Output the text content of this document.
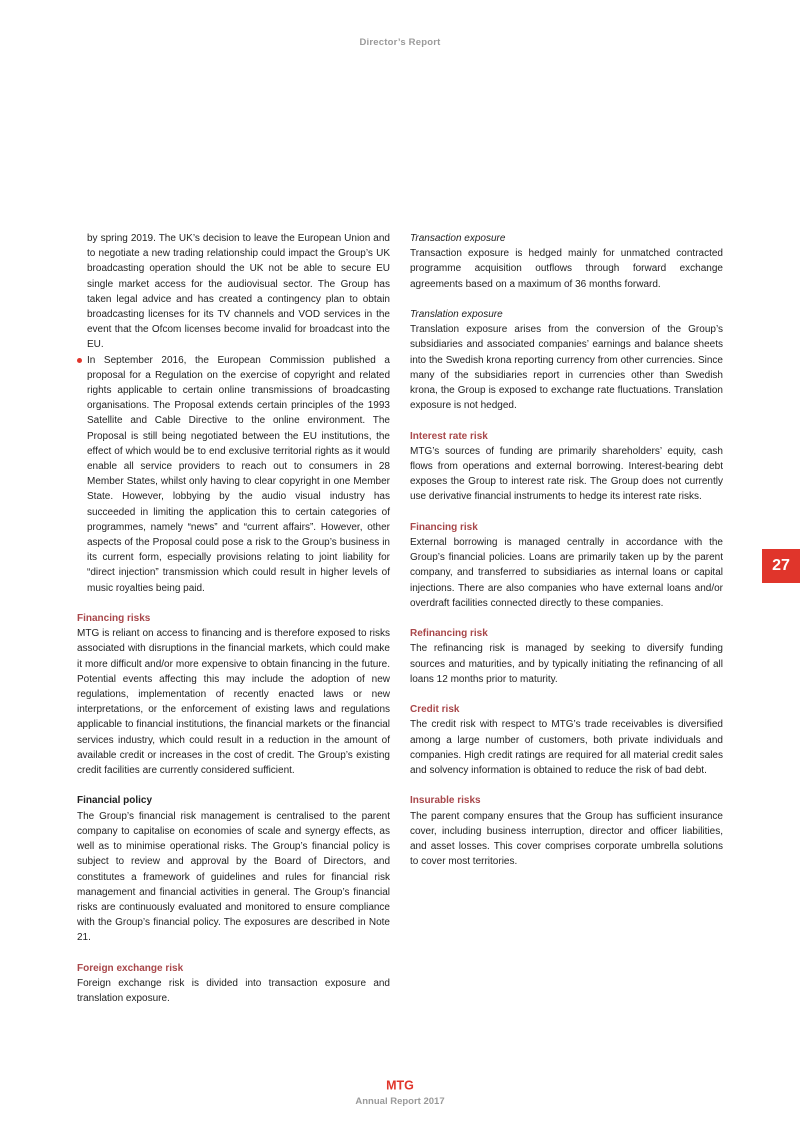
Director’s Report

by spring 2019. The UK’s decision to leave the European Union and to negotiate a new trading relationship could impact the Group’s UK broadcasting operation should the UK not be able to secure EU single market access for the audiovisual sector. The Group has taken legal advice and has created a contingency plan to obtain broadcasting licenses for its TV channels and VOD services in the event that the Ofcom licenses become invalid for broadcast into the EU.

In September 2016, the European Commission published a proposal for a Regulation on the exercise of copyright and related rights applicable to certain online transmissions of broadcasting organisations. The Proposal extends certain principles of the 1993 Satellite and Cable Directive to the online environment. The Proposal is still being negotiated between the EU institutions, the effect of which would be to end exclusive territorial rights as it would enable all service providers to reach out to consumers in 28 Member States, whilst only having to clear copyright in one Member State. However, lobbying by the audio visual industry has succeeded in limiting the application this to certain categories of programmes, namely “news” and “current affairs”. However, other aspects of the Proposal could pose a risk to the Group’s business in its current form, especially provisions relating to joint liability for “direct injection” transmission which could result in higher levels of music royalties being paid.

Financing risks

MTG is reliant on access to financing and is therefore exposed to risks associated with disruptions in the financial markets, which could make it more difficult and/or more expensive to obtain financing in the future. Potential events affecting this may include the adoption of new regulations, implementation of recently enacted laws or new interpretations, or the enforcement of existing laws and regulations applicable to financial institutions, the financial markets or the financial services industry, which could result in a reduction in the amount of available credit or increases in the cost of credit. The Group’s existing credit facilities are currently considered sufficient.

Financial policy

The Group’s financial risk management is centralised to the parent company to capitalise on economies of scale and synergy effects, as well as to minimise operational risks. The Group’s financial policy is subject to review and approval by the Board of Directors, and constitutes a framework of guidelines and rules for financial risk management and financial activities in general. The Group’s financial risks are continuously evaluated and monitored to ensure compliance with the Group’s financial policy. The exposures are described in Note 21.

Foreign exchange risk

Foreign exchange risk is divided into transaction exposure and translation exposure.

Transaction exposure

Transaction exposure is hedged mainly for unmatched contracted programme acquisition outflows through forward exchange agreements based on a maximum of 36 months forward.

Translation exposure

Translation exposure arises from the conversion of the Group’s subsidiaries and associated companies’ earnings and balance sheets into the Swedish krona reporting currency from other currencies. Since many of the subsidiaries report in currencies other than Swedish krona, the Group is exposed to exchange rate fluctuations. Translation exposure is not hedged.

Interest rate risk

MTG’s sources of funding are primarily shareholders’ equity, cash flows from operations and external borrowing. Interest-bearing debt exposes the Group to interest rate risk. The Group does not currently use derivative financial instruments to hedge its interest rate risks.

Financing risk

External borrowing is managed centrally in accordance with the Group’s financial policies. Loans are primarily taken up by the parent company, and transferred to subsidiaries as internal loans or capital injections. There are also companies who have external loans and/or overdraft facilities connected directly to these companies.

Refinancing risk

The refinancing risk is managed by seeking to diversify funding sources and maturities, and by typically initiating the refinancing of all loans 12 months prior to maturity.

Credit risk

The credit risk with respect to MTG’s trade receivables is diversified among a large number of customers, both private individuals and companies. High credit ratings are required for all material credit sales and solvency information is obtained to reduce the risk of bad debt.

Insurable risks

The parent company ensures that the Group has sufficient insurance cover, including business interruption, director and officer liabilities, and asset losses. This cover comprises corporate umbrella solutions to cover most territories.

27
MTG
Annual Report 2017
